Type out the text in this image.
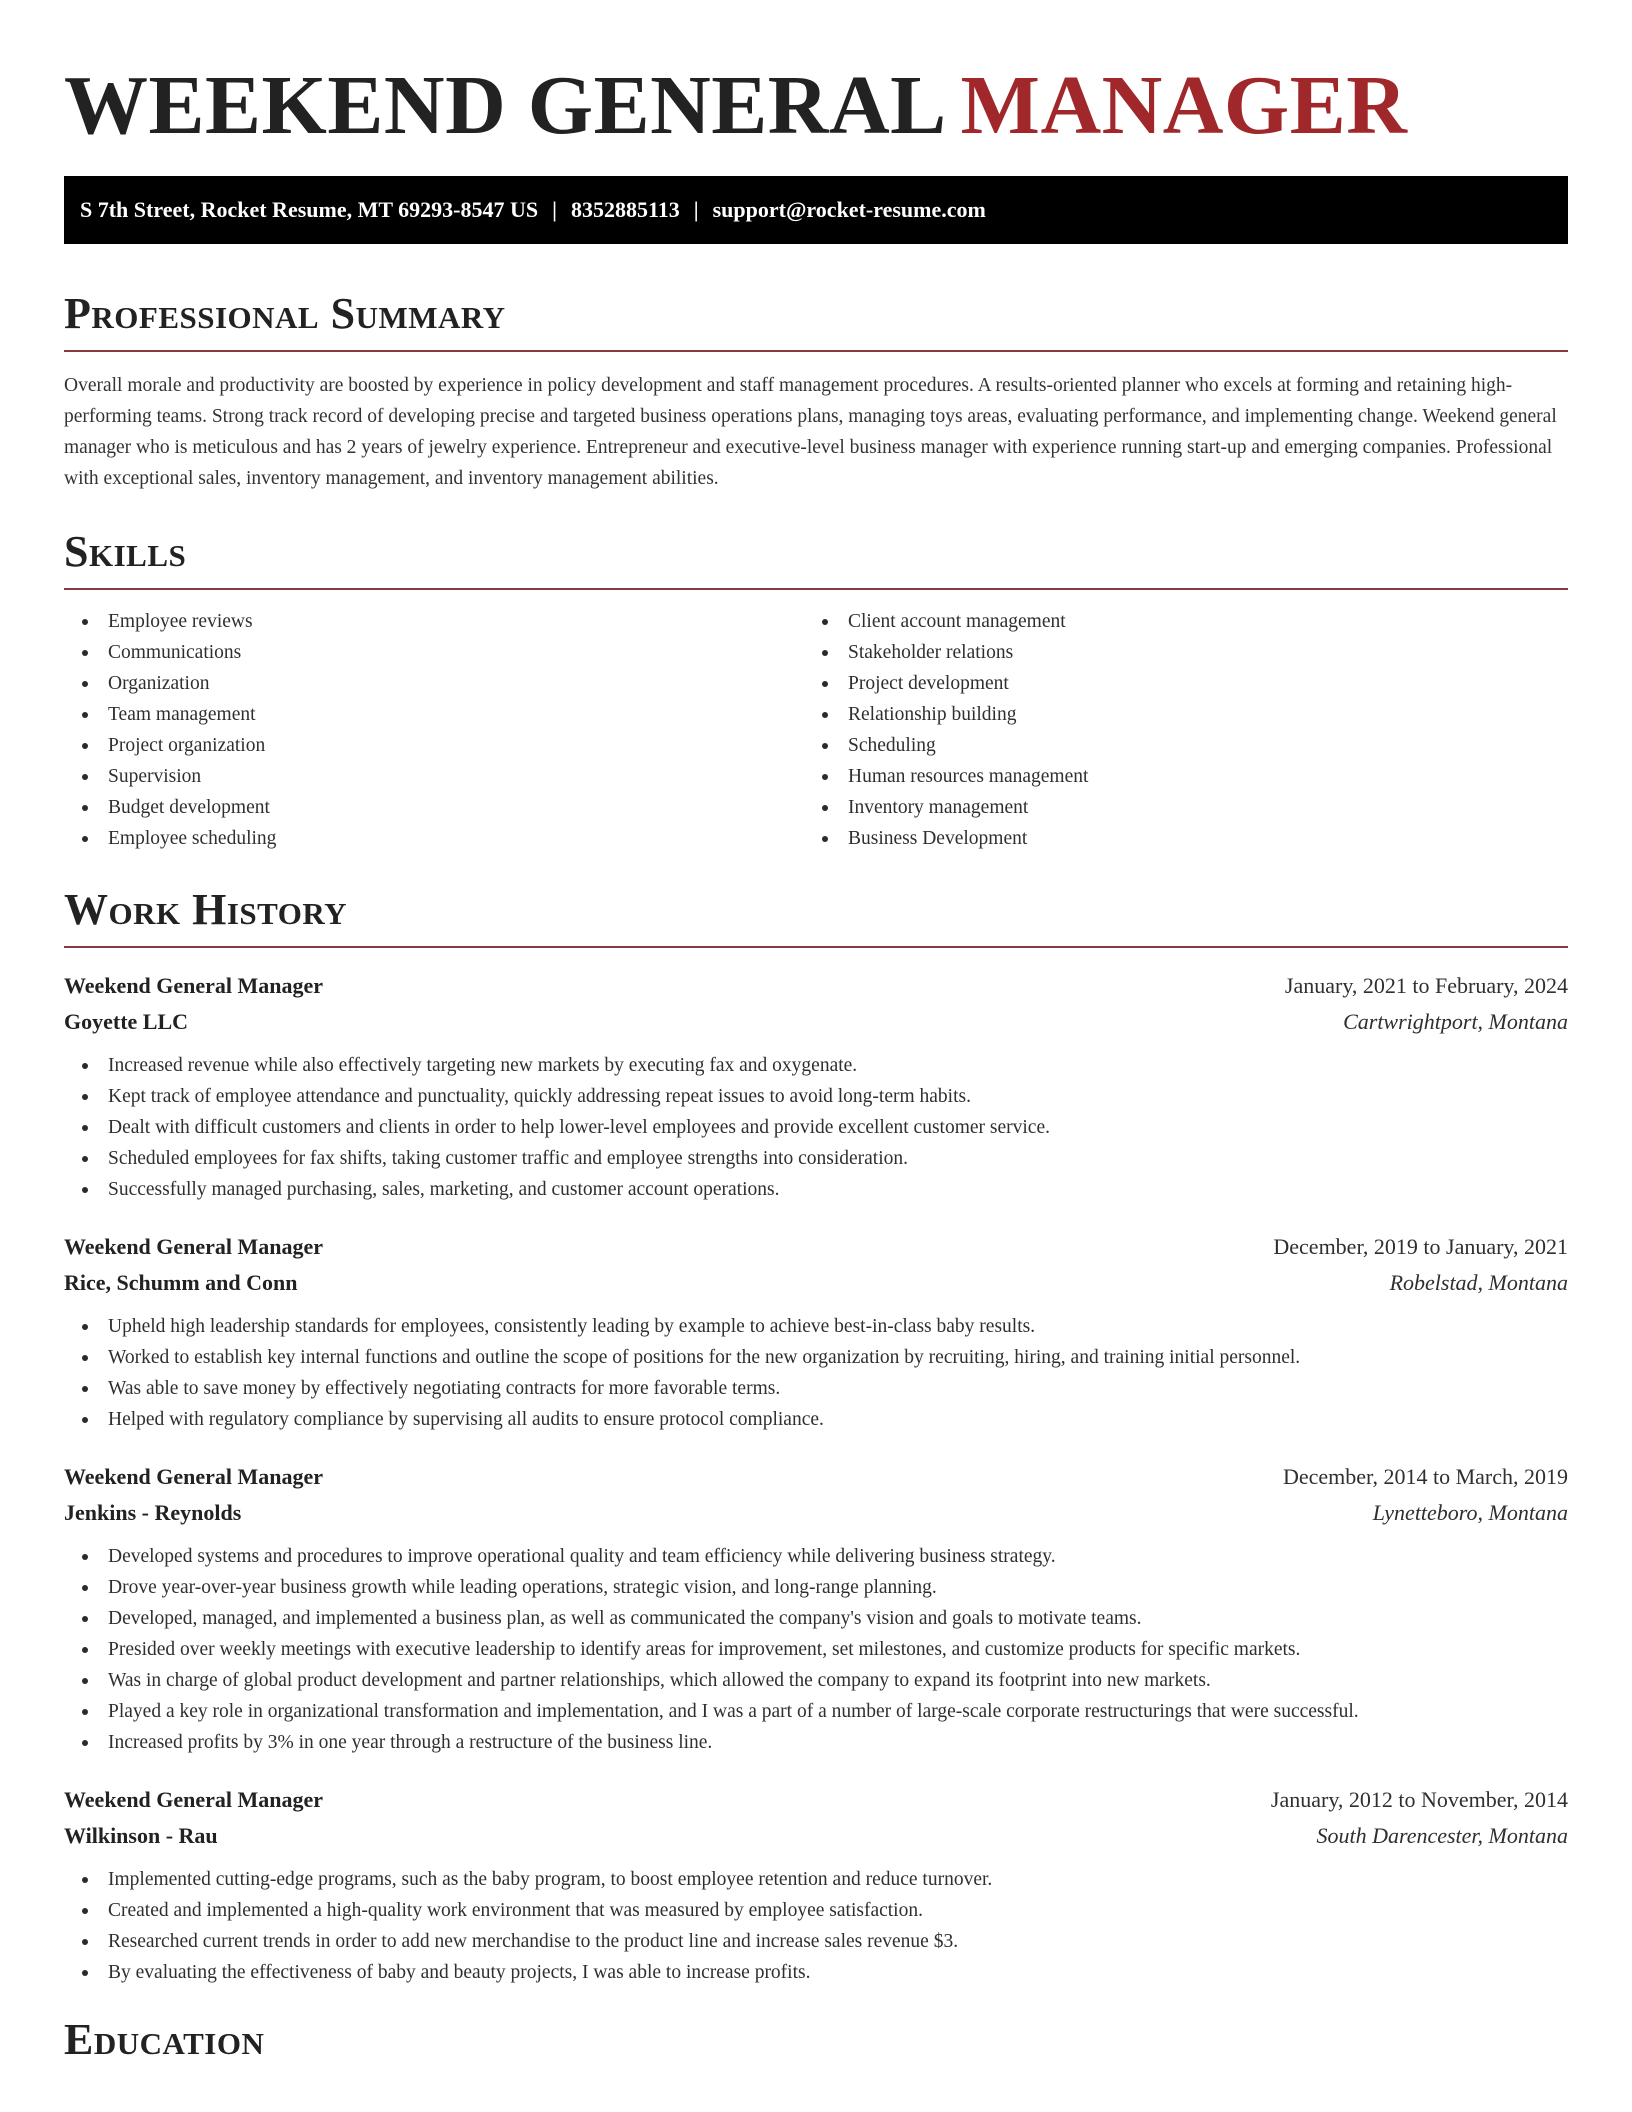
WEEKEND GENERAL MANAGER
S 7th Street, Rocket Resume, MT 69293-8547 US | 8352885113 | support@rocket-resume.com
Professional Summary

Overall morale and productivity are boosted by experience in policy development and staff management procedures. A results-oriented planner who excels at forming and retaining high-performing teams. Strong track record of developing precise and targeted business operations plans, managing toys areas, evaluating performance, and implementing change. Weekend general manager who is meticulous and has 2 years of jewelry experience. Entrepreneur and executive-level business manager with experience running start-up and emerging companies. Professional with exceptional sales, inventory management, and inventory management abilities.

Skills
Employee reviews
Communications
Organization
Team management
Project organization
Supervision
Budget development
Employee scheduling
Client account management
Stakeholder relations
Project development
Relationship building
Scheduling
Human resources management
Inventory management
Business Development
Work History
Weekend General Manager	January, 2021 to February, 2024
Goyette LLC	Cartwrightport, Montana
Increased revenue while also effectively targeting new markets by executing fax and oxygenate.
Kept track of employee attendance and punctuality, quickly addressing repeat issues to avoid long-term habits.
Dealt with difficult customers and clients in order to help lower-level employees and provide excellent customer service.
Scheduled employees for fax shifts, taking customer traffic and employee strengths into consideration.
Successfully managed purchasing, sales, marketing, and customer account operations.
Weekend General Manager	December, 2019 to January, 2021
Rice, Schumm and Conn	Robelstad, Montana
Upheld high leadership standards for employees, consistently leading by example to achieve best-in-class baby results.
Worked to establish key internal functions and outline the scope of positions for the new organization by recruiting, hiring, and training initial personnel.
Was able to save money by effectively negotiating contracts for more favorable terms.
Helped with regulatory compliance by supervising all audits to ensure protocol compliance.
Weekend General Manager	December, 2014 to March, 2019
Jenkins - Reynolds	Lynetteboro, Montana
Developed systems and procedures to improve operational quality and team efficiency while delivering business strategy.
Drove year-over-year business growth while leading operations, strategic vision, and long-range planning.
Developed, managed, and implemented a business plan, as well as communicated the company's vision and goals to motivate teams.
Presided over weekly meetings with executive leadership to identify areas for improvement, set milestones, and customize products for specific markets.
Was in charge of global product development and partner relationships, which allowed the company to expand its footprint into new markets.
Played a key role in organizational transformation and implementation, and I was a part of a number of large-scale corporate restructurings that were successful.
Increased profits by 3% in one year through a restructure of the business line.
Weekend General Manager	January, 2012 to November, 2014
Wilkinson - Rau	South Darencester, Montana
Implemented cutting-edge programs, such as the baby program, to boost employee retention and reduce turnover.
Created and implemented a high-quality work environment that was measured by employee satisfaction.
Researched current trends in order to add new merchandise to the product line and increase sales revenue $3.
By evaluating the effectiveness of baby and beauty projects, I was able to increase profits.
Education
